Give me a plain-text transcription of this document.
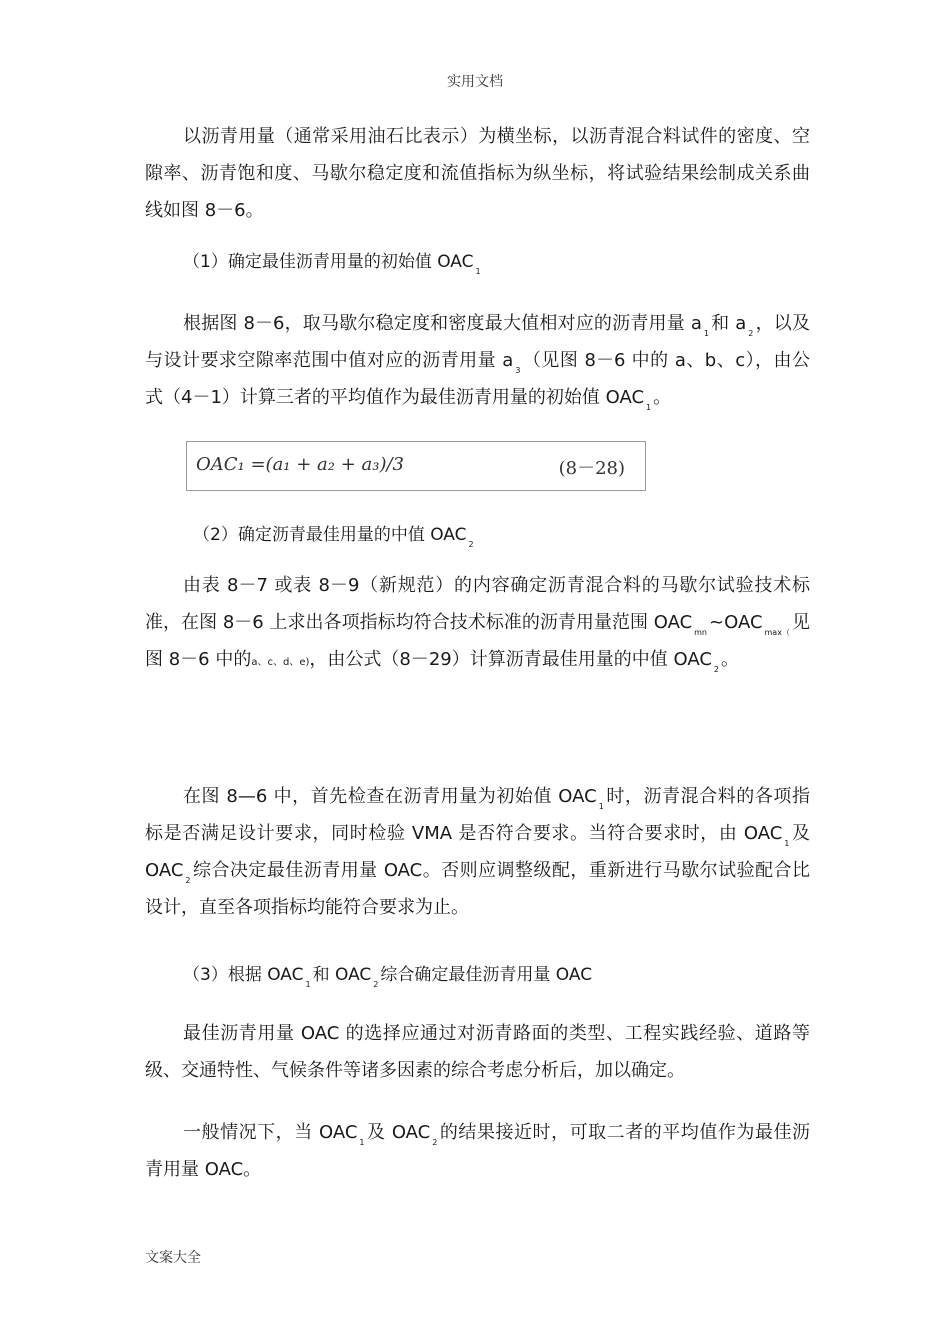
实用文档

以沥青用量（通常采用油石比表示）为横坐标，以沥青混合料试件的密度、空隙率、沥青饱和度、马歇尔稳定度和流值指标为纵坐标，将试验结果绘制成关系曲线如图 8－6。

（1）确定最佳沥青用量的初始值 OAC $_1$

根据图 8－6，取马歇尔稳定度和密度最大值相对应的沥青用量 a $_1$ 和 a $_2$ ，以及与设计要求空隙率范围中值对应的沥青用量 a $_3$ （见图 8－6 中的 a、b、c），由公式（4－1）计算三者的平均值作为最佳沥青用量的初始值 OAC $_1$ 。

OAC₁ =(a₁ + a₂ + a₃)/3	(8－28)
（2）确定沥青最佳用量的中值 OAC $_2$

由表 8－7 或表 8－9（新规范）的内容确定沥青混合料的马歇尔试验技术标准，在图 8－6 上求出各项指标均符合技术标准的沥青用量范围 OAC $_{mn}$ ~OAC $_{max(}$ 见图 8－6 中的a、c、d、e)，由公式（8－29）计算沥青最佳用量的中值 OAC $_2$ 。

在图 8—6 中，首先检查在沥青用量为初始值 OAC $_1$ 时，沥青混合料的各项指标是否满足设计要求，同时检验 VMA 是否符合要求。当符合要求时，由 OAC $_1$ 及 OAC $_2$ 综合决定最佳沥青用量 OAC。否则应调整级配，重新进行马歇尔试验配合比设计，直至各项指标均能符合要求为止。

（3）根据 OAC $_1$ 和 OAC $_2$ 综合确定最佳沥青用量 OAC

最佳沥青用量 OAC 的选择应通过对沥青路面的类型、工程实践经验、道路等级、交通特性、气候条件等诸多因素的综合考虑分析后，加以确定。

一般情况下，当 OAC $_1$ 及 OAC $_2$ 的结果接近时，可取二者的平均值作为最佳沥青用量 OAC。

文案大全
